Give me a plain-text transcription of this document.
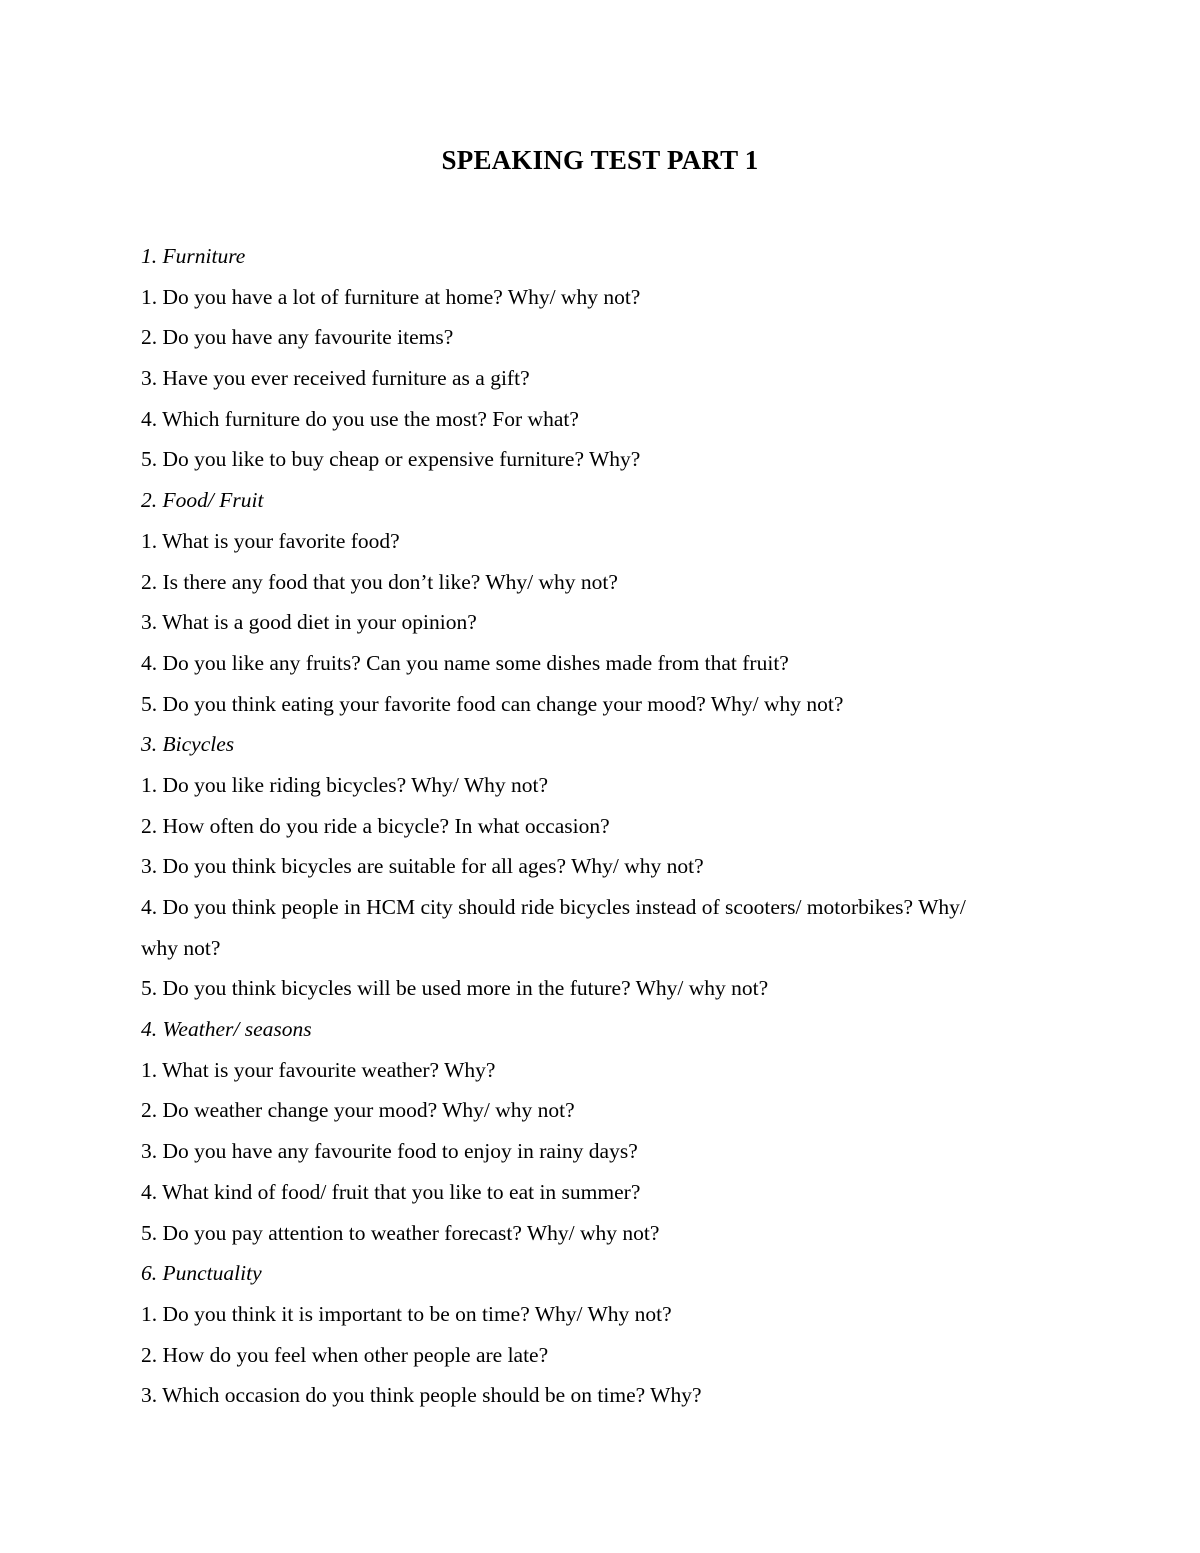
SPEAKING TEST PART 1
1. Furniture
1. Do you have a lot of furniture at home? Why/ why not?
2. Do you have any favourite items?
3. Have you ever received furniture as a gift?
4. Which furniture do you use the most? For what?
5. Do you like to buy cheap or expensive furniture? Why?
2. Food/ Fruit
1. What is your favorite food?
2. Is there any food that you don’t like? Why/ why not?
3. What is a good diet in your opinion?
4. Do you like any fruits? Can you name some dishes made from that fruit?
5. Do you think eating your favorite food can change your mood? Why/ why not?
3. Bicycles
1. Do you like riding bicycles? Why/ Why not?
2. How often do you ride a bicycle? In what occasion?
3. Do you think bicycles are suitable for all ages? Why/ why not?
4. Do you think people in HCM city should ride bicycles instead of scooters/ motorbikes? Why/
why not?
5. Do you think bicycles will be used more in the future? Why/ why not?
4. Weather/ seasons
1. What is your favourite weather? Why?
2. Do weather change your mood? Why/ why not?
3. Do you have any favourite food to enjoy in rainy days?
4. What kind of food/ fruit that you like to eat in summer?
5. Do you pay attention to weather forecast? Why/ why not?
6. Punctuality
1. Do you think it is important to be on time? Why/ Why not?
2. How do you feel when other people are late?
3. Which occasion do you think people should be on time? Why?
